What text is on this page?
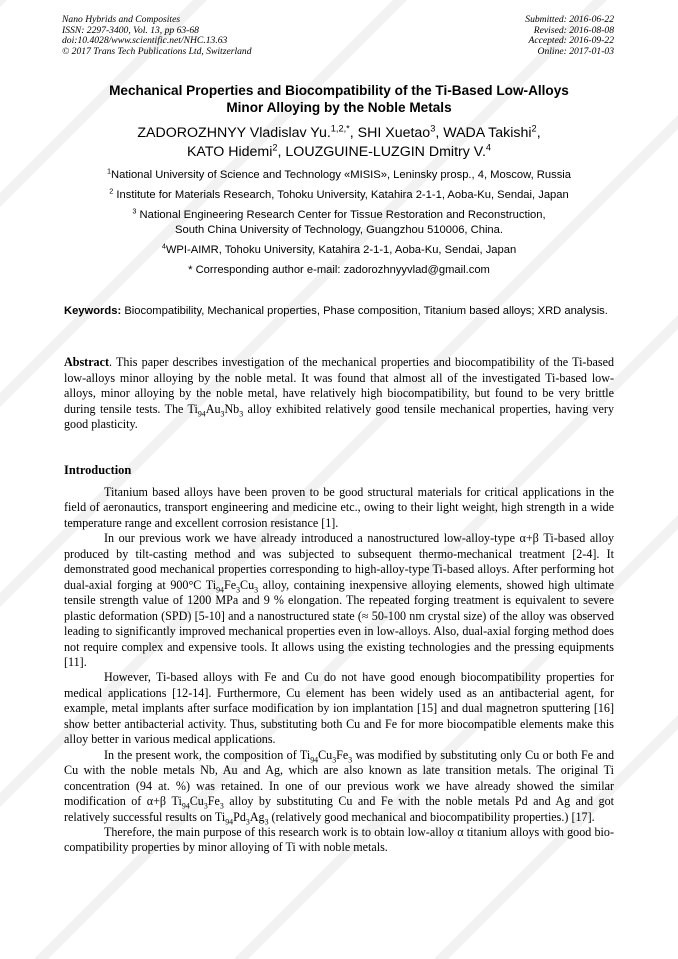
Nano Hybrids and Composites
ISSN: 2297-3400, Vol. 13, pp 63-68
doi:10.4028/www.scientific.net/NHC.13.63
© 2017 Trans Tech Publications Ltd, Switzerland
Submitted: 2016-06-22
Revised: 2016-08-08
Accepted: 2016-09-22
Online: 2017-01-03
Mechanical Properties and Biocompatibility of the Ti-Based Low-Alloys
Minor Alloying by the Noble Metals
ZADOROZHNYY Vladislav Yu.$^{1,2,*}$, SHI Xuetao$^3$, WADA Takishi$^2$,
KATO Hidemi$^2$, LOUZGUINE-LUZGIN Dmitry V.$^4$

$^1$National University of Science and Technology «MISIS», Leninsky prosp., 4, Moscow, Russia

$^2$ Institute for Materials Research, Tohoku University, Katahira 2-1-1, Aoba-Ku, Sendai, Japan

$^3$ National Engineering Research Center for Tissue Restoration and Reconstruction,
South China University of Technology, Guangzhou 510006, China.

$^4$WPI-AIMR, Tohoku University, Katahira 2-1-1, Aoba-Ku, Sendai, Japan

* Corresponding author e-mail: zadorozhnyyvlad@gmail.com

Keywords: Biocompatibility, Mechanical properties, Phase composition, Titanium based alloys; XRD analysis.
Abstract. This paper describes investigation of the mechanical properties and biocompatibility of the Ti-based low-alloys minor alloying by the noble metal. It was found that almost all of the investigated Ti-based low-alloys, minor alloying by the noble metal, have relatively high biocompatibility, but found to be very brittle during tensile tests. The $Ti_{94}Au_3Nb_3$ alloy exhibited relatively good tensile mechanical properties, having very good plasticity.
Introduction

Titanium based alloys have been proven to be good structural materials for critical applications in the field of aeronautics, transport engineering and medicine etc., owing to their light weight, high strength in a wide temperature range and excellent corrosion resistance [1].

In our previous work we have already introduced a nanostructured low-alloy-type α+β Ti-based alloy produced by tilt-casting method and was subjected to subsequent thermo-mechanical treatment [2-4]. It demonstrated good mechanical properties corresponding to high-alloy-type Ti-based alloys. After performing hot dual-axial forging at 900°C $Ti_{94}Fe_3Cu_3$ alloy, containing inexpensive alloying elements, showed high ultimate tensile strength value of 1200 MPa and 9 % elongation. The repeated forging treatment is equivalent to severe plastic deformation (SPD) [5-10] and a nanostructured state (≈ 50-100 nm crystal size) of the alloy was observed leading to significantly improved mechanical properties even in low-alloys. Also, dual-axial forging method does not require complex and expensive tools. It allows using the existing technologies and the pressing equipments [11].

However, Ti-based alloys with Fe and Cu do not have good enough biocompatibility properties for medical applications [12-14]. Furthermore, Cu element has been widely used as an antibacterial agent, for example, metal implants after surface modification by ion implantation [15] and dual magnetron sputtering [16] show better antibacterial activity. Thus, substituting both Cu and Fe for more biocompatible elements make this alloy better in various medical applications.

In the present work, the composition of $Ti_{94}Cu_3Fe_3$ was modified by substituting only Cu or both Fe and Cu with the noble metals Nb, Au and Ag, which are also known as late transition metals. The original Ti concentration (94 at. %) was retained. In one of our previous work we have already showed the similar modification of α+β $Ti_{94}Cu_3Fe_3$ alloy by substituting Cu and Fe with the noble metals Pd and Ag and got relatively successful results on $Ti_{94}Pd_3Ag_3$ (relatively good mechanical and biocompatibility properties.) [17].

Therefore, the main purpose of this research work is to obtain low-alloy α titanium alloys with good bio-compatibility properties by minor alloying of Ti with noble metals.
